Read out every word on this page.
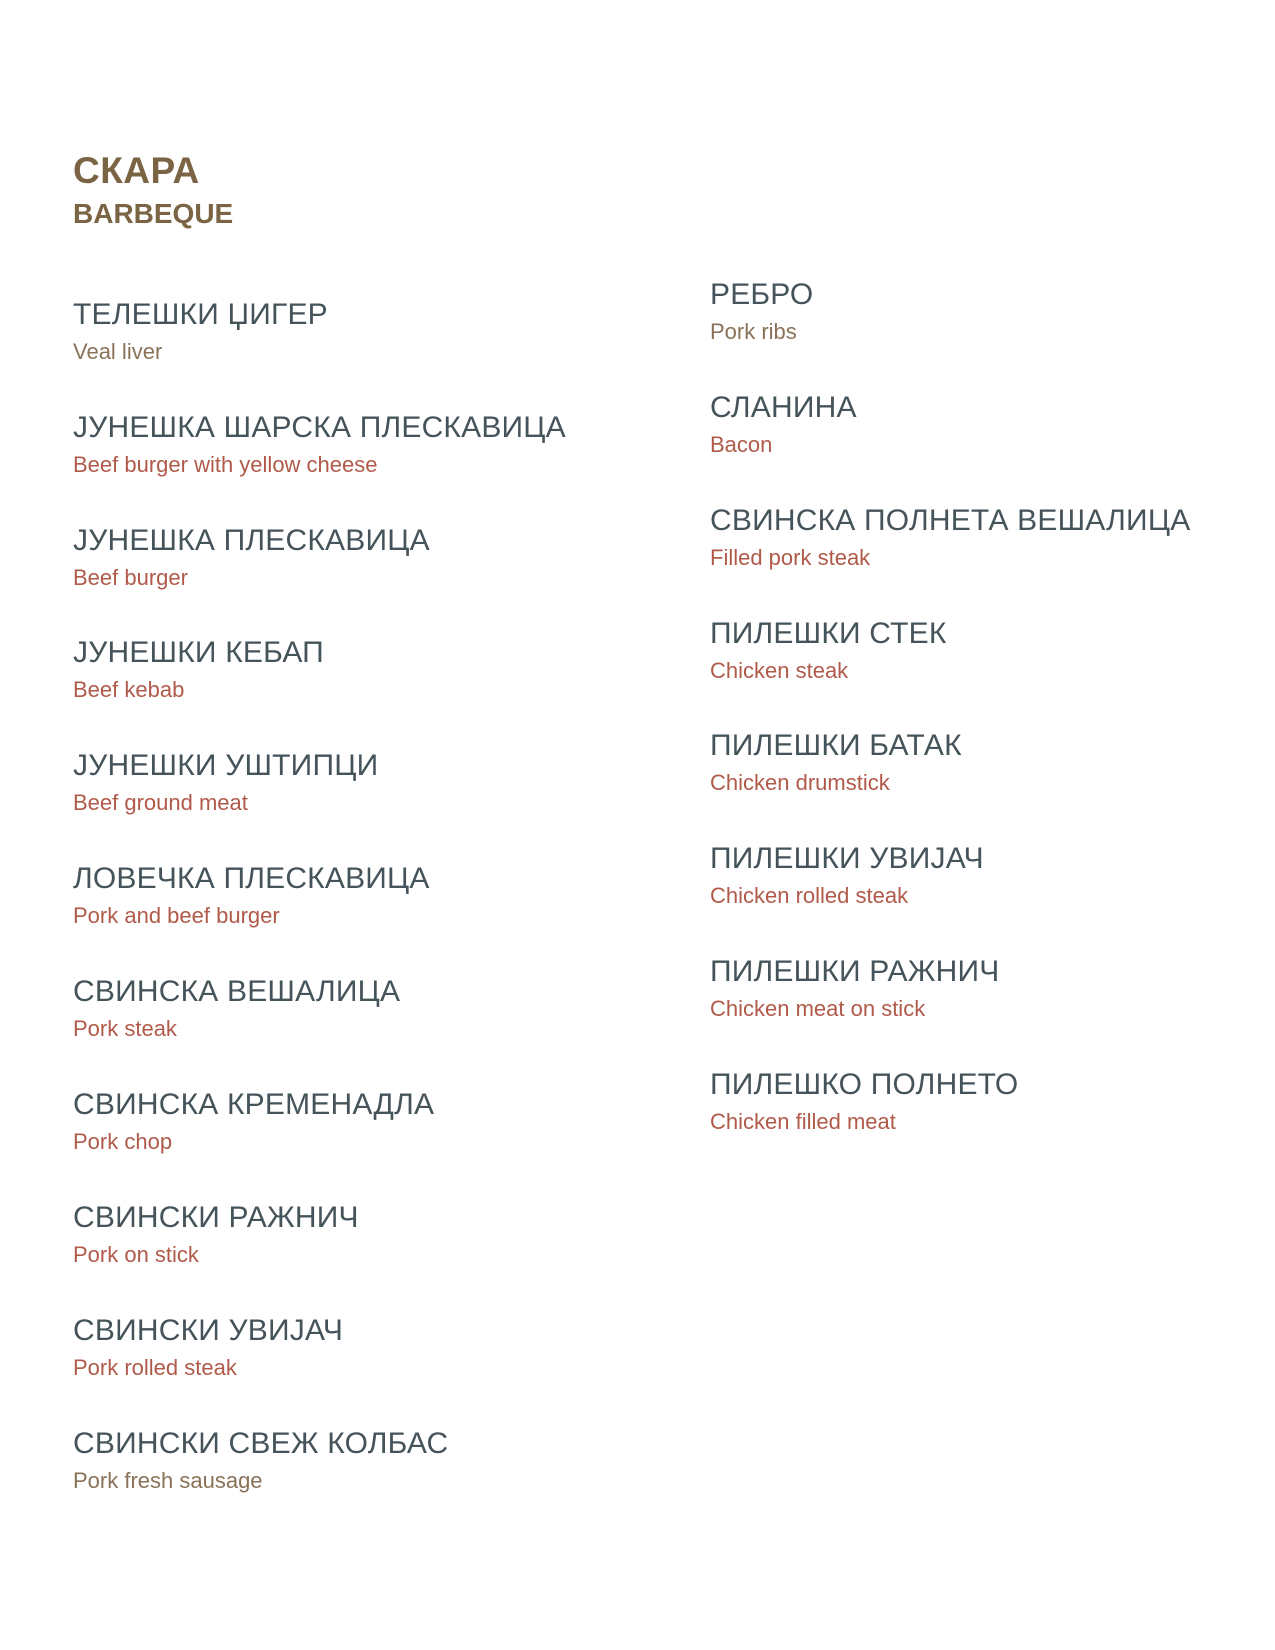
СКАРА
BARBEQUE
ТЕЛЕШКИ ЏИГЕР
Veal liver
ЈУНЕШКА ШАРСКА ПЛЕСКАВИЦА
Beef burger with yellow cheese
ЈУНЕШКА ПЛЕСКАВИЦА
Beef burger
ЈУНЕШКИ КЕБАП
Beef kebab
ЈУНЕШКИ УШТИПЦИ
Beef ground meat
ЛОВЕЧКА ПЛЕСКАВИЦА
Pork and beef burger
СВИНСКА ВЕШАЛИЦА
Pork steak
СВИНСКА КРЕМЕНАДЛА
Pork chop
СВИНСКИ РАЖНИЧ
Pork on stick
СВИНСКИ УВИЈАЧ
Pork rolled steak
СВИНСКИ СВЕЖ КОЛБАС
Pork fresh sausage
РЕБРО
Pork ribs
СЛАНИНА
Bacon
СВИНСКА ПОЛНЕТА ВЕШАЛИЦА
Filled pork steak
ПИЛЕШКИ СТЕК
Chicken steak
ПИЛЕШКИ БАТАК
Chicken drumstick
ПИЛЕШКИ УВИЈАЧ
Chicken rolled steak
ПИЛЕШКИ РАЖНИЧ
Chicken meat on stick
ПИЛЕШКО ПОЛНЕТО
Chicken filled meat
